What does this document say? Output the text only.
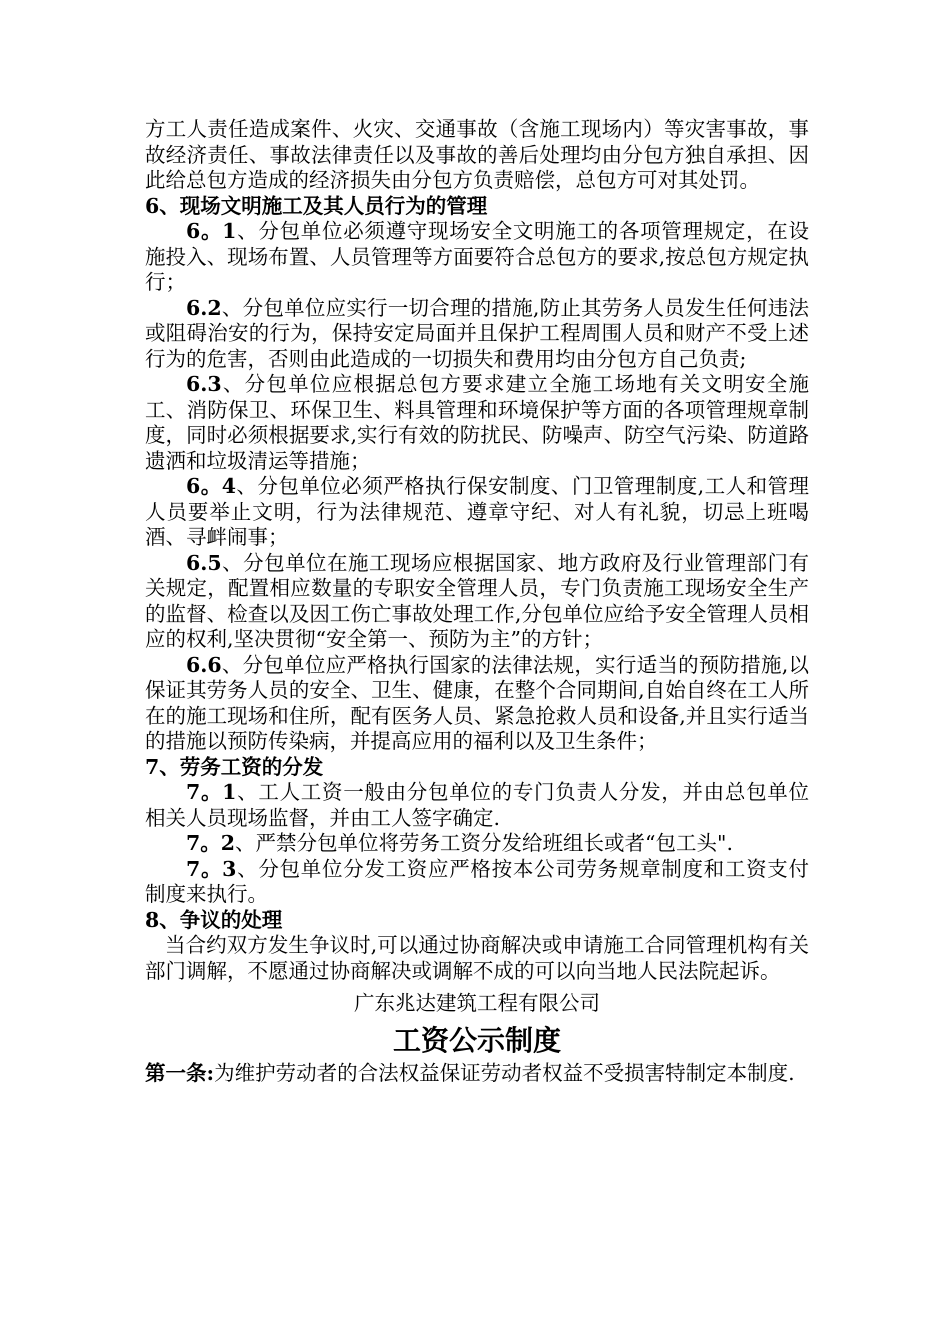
方工人责任造成案件、火灾、交通事故（含施工现场内）等灾害事故，事故经济责任、事故法律责任以及事故的善后处理均由分包方独自承担、因此给总包方造成的经济损失由分包方负责赔偿，总包方可对其处罚。

6、现场文明施工及其人员行为的管理

6。1、分包单位必须遵守现场安全文明施工的各项管理规定，在设施投入、现场布置、人员管理等方面要符合总包方的要求,按总包方规定执行；

6.2、分包单位应实行一切合理的措施,防止其劳务人员发生任何违法或阻碍治安的行为，保持安定局面并且保护工程周围人员和财产不受上述行为的危害，否则由此造成的一切损失和费用均由分包方自己负责;

6.3、分包单位应根据总包方要求建立全施工场地有关文明安全施工、消防保卫、环保卫生、料具管理和环境保护等方面的各项管理规章制度，同时必须根据要求,实行有效的防扰民、防噪声、防空气污染、防道路遗洒和垃圾清运等措施；

6。4、分包单位必须严格执行保安制度、门卫管理制度,工人和管理人员要举止文明，行为法律规范、遵章守纪、对人有礼貌，切忌上班喝酒、寻衅闹事；

6.5、分包单位在施工现场应根据国家、地方政府及行业管理部门有关规定，配置相应数量的专职安全管理人员，专门负责施工现场安全生产的监督、检查以及因工伤亡事故处理工作,分包单位应给予安全管理人员相应的权利,坚决贯彻“安全第一、预防为主”的方针；

6.6、分包单位应严格执行国家的法律法规，实行适当的预防措施,以保证其劳务人员的安全、卫生、健康，在整个合同期间,自始自终在工人所在的施工现场和住所，配有医务人员、紧急抢救人员和设备,并且实行适当的措施以预防传染病，并提高应用的福利以及卫生条件；

7、劳务工资的分发

7。1、工人工资一般由分包单位的专门负责人分发，并由总包单位相关人员现场监督，并由工人签字确定.

7。2、严禁分包单位将劳务工资分发给班组长或者“包工头".

7。3、分包单位分发工资应严格按本公司劳务规章制度和工资支付制度来执行。

8、争议的处理

当合约双方发生争议时,可以通过协商解决或申请施工合同管理机构有关部门调解，不愿通过协商解决或调解不成的可以向当地人民法院起诉。

广东兆达建筑工程有限公司

工资公示制度

第一条:为维护劳动者的合法权益保证劳动者权益不受损害特制定本制度.
